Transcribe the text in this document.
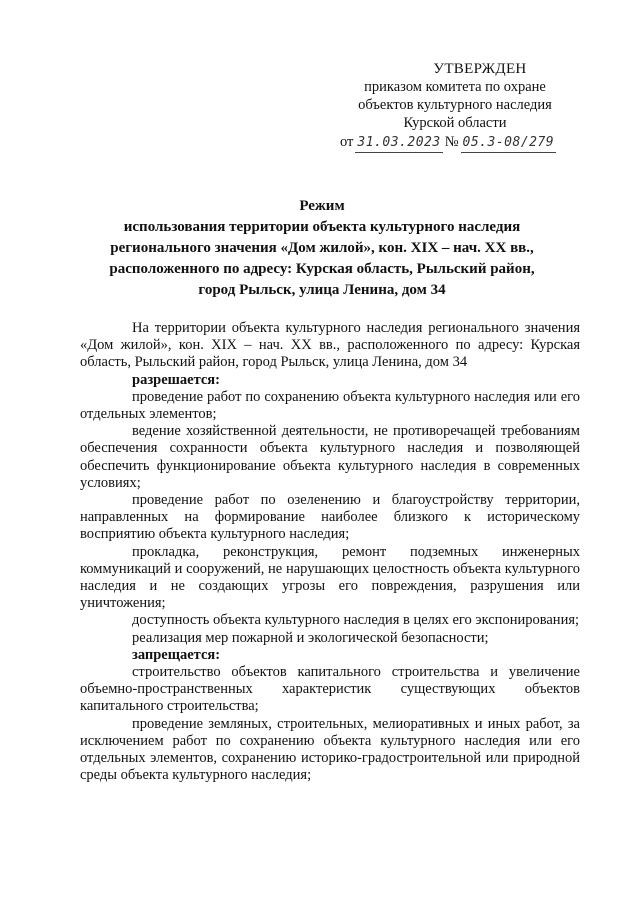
УТВЕРЖДЕН
приказом комитета по охране
объектов культурного наследия
Курской области
от 31.03.2023 № 05.3-08/279
Режим
использования территории объекта культурного наследия
регионального значения «Дом жилой», кон. XIX – нач. XX вв.,
расположенного по адресу: Курская область, Рыльский район,
город Рыльск, улица Ленина, дом 34

На территории объекта культурного наследия регионального значения «Дом жилой», кон. XIX – нач. XX вв., расположенного по адресу: Курская область, Рыльский район, город Рыльск, улица Ленина, дом 34

разрешается:

проведение работ по сохранению объекта культурного наследия или его отдельных элементов;

ведение хозяйственной деятельности, не противоречащей требованиям обеспечения сохранности объекта культурного наследия и позволяющей обеспечить функционирование объекта культурного наследия в современных условиях;

проведение работ по озеленению и благоустройству территории, направленных на формирование наиболее близкого к историческому восприятию объекта культурного наследия;

прокладка, реконструкция, ремонт подземных инженерных коммуникаций и сооружений, не нарушающих целостность объекта культурного наследия и не создающих угрозы его повреждения, разрушения или уничтожения;

доступность объекта культурного наследия в целях его экспонирования;

реализация мер пожарной и экологической безопасности;

запрещается:

строительство объектов капитального строительства и увеличение объемно-пространственных характеристик существующих объектов капитального строительства;

проведение земляных, строительных, мелиоративных и иных работ, за исключением работ по сохранению объекта культурного наследия или его отдельных элементов, сохранению историко-градостроительной или природной среды объекта культурного наследия;
